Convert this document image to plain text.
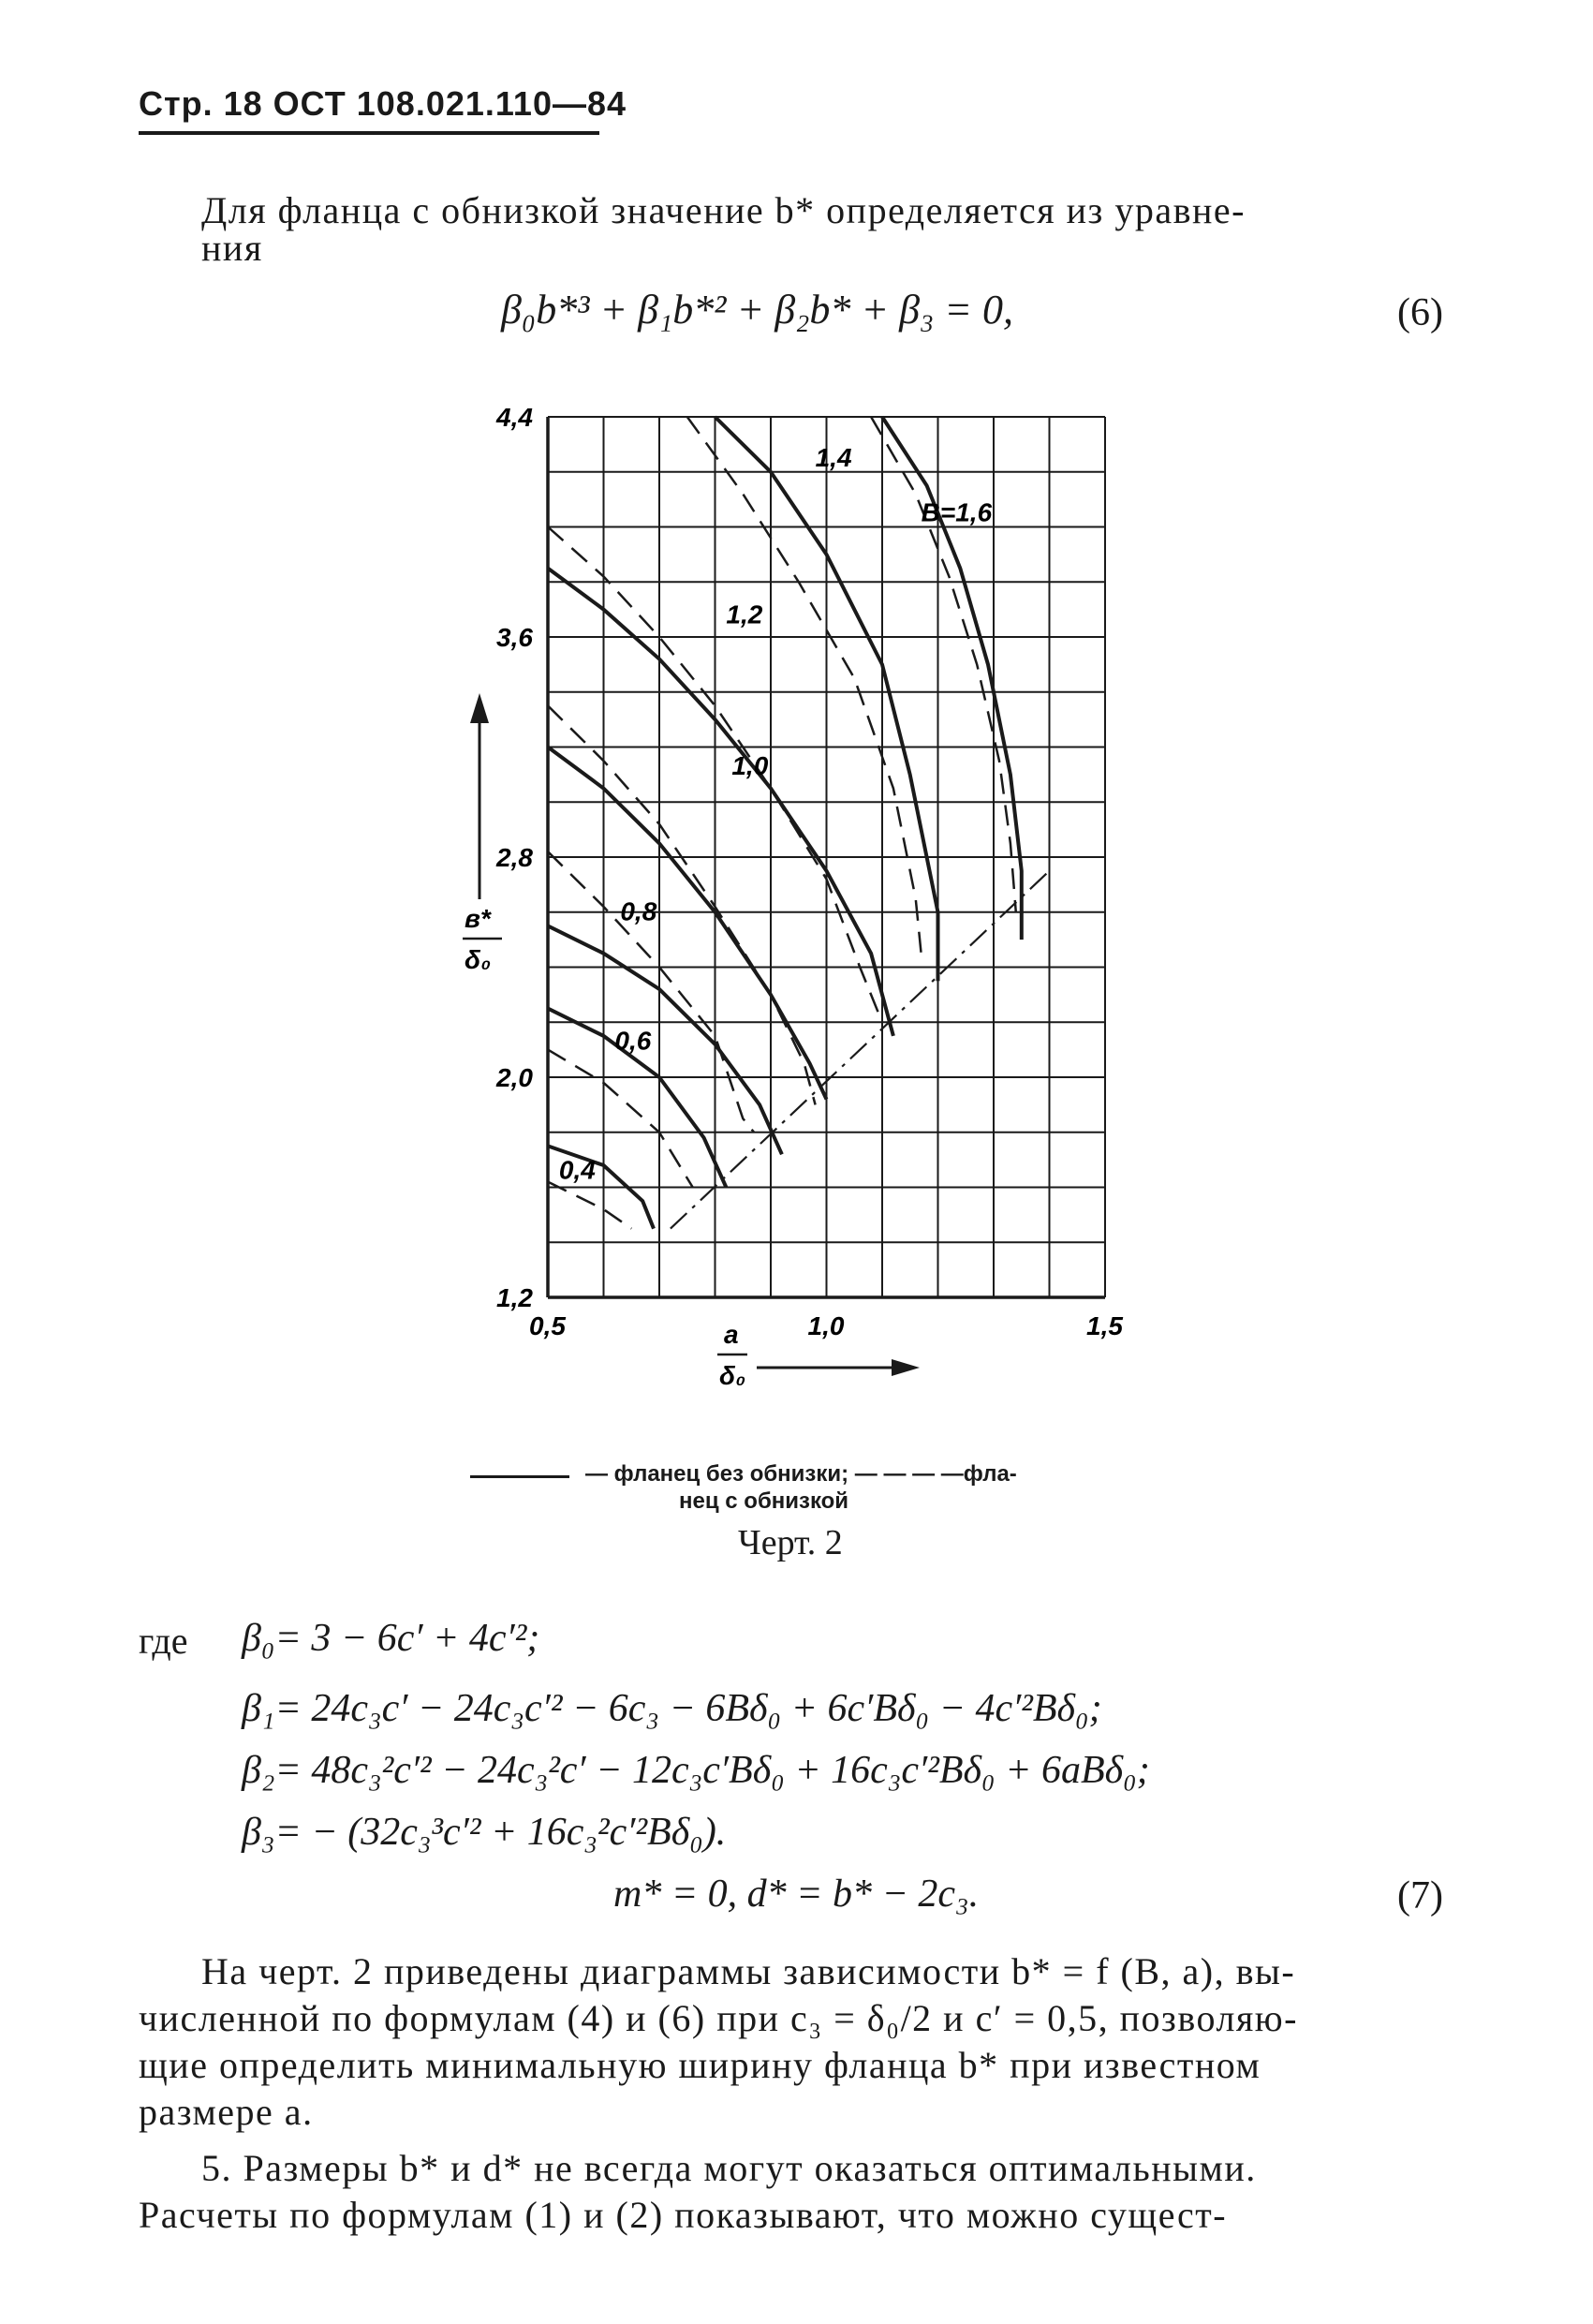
Стр. 18 ОСТ 108.021.110—84
Для фланца с обнизкой значение b* определяется из уравне-
ния
β₀b*³ + β₁b*² + β₂b* + β₃ = 0,	(6)
0,5	1,0	1,5
1,2
2,0
2,8
3,6
4,4
0,4
0,6
0,8
1,0
1,2
1,4
B=1,6
в*
δ₀
a
δ₀
— фланец без обнизки; — — — —фла-
нец с обнизкой
Черт. 2
где β₀= 3 − 6c′ + 4c′²;
β₁= 24c₃c′ − 24c₃c′² − 6c₃ − 6Bδ₀ + 6c′Bδ₀ − 4c′²Bδ₀;
β₂= 48c₃²c′² − 24c₃²c′ − 12c₃c′Bδ₀ + 16c₃c′²Bδ₀ + 6aBδ₀;
β₃= − (32c₃³c′² + 16c₃²c′²Bδ₀).
m* = 0, d* = b* − 2c₃.	(7)
На черт. 2 приведены диаграммы зависимости b* = f (B, a), вы-
численной по формулам (4) и (6) при c₃ = δ₀/2 и c′ = 0,5, позволяю-
щие определить минимальную ширину фланца b* при известном
размере a.
5. Размеры b* и d* не всегда могут оказаться оптимальными.
Расчеты по формулам (1) и (2) показывают, что можно сущест-
